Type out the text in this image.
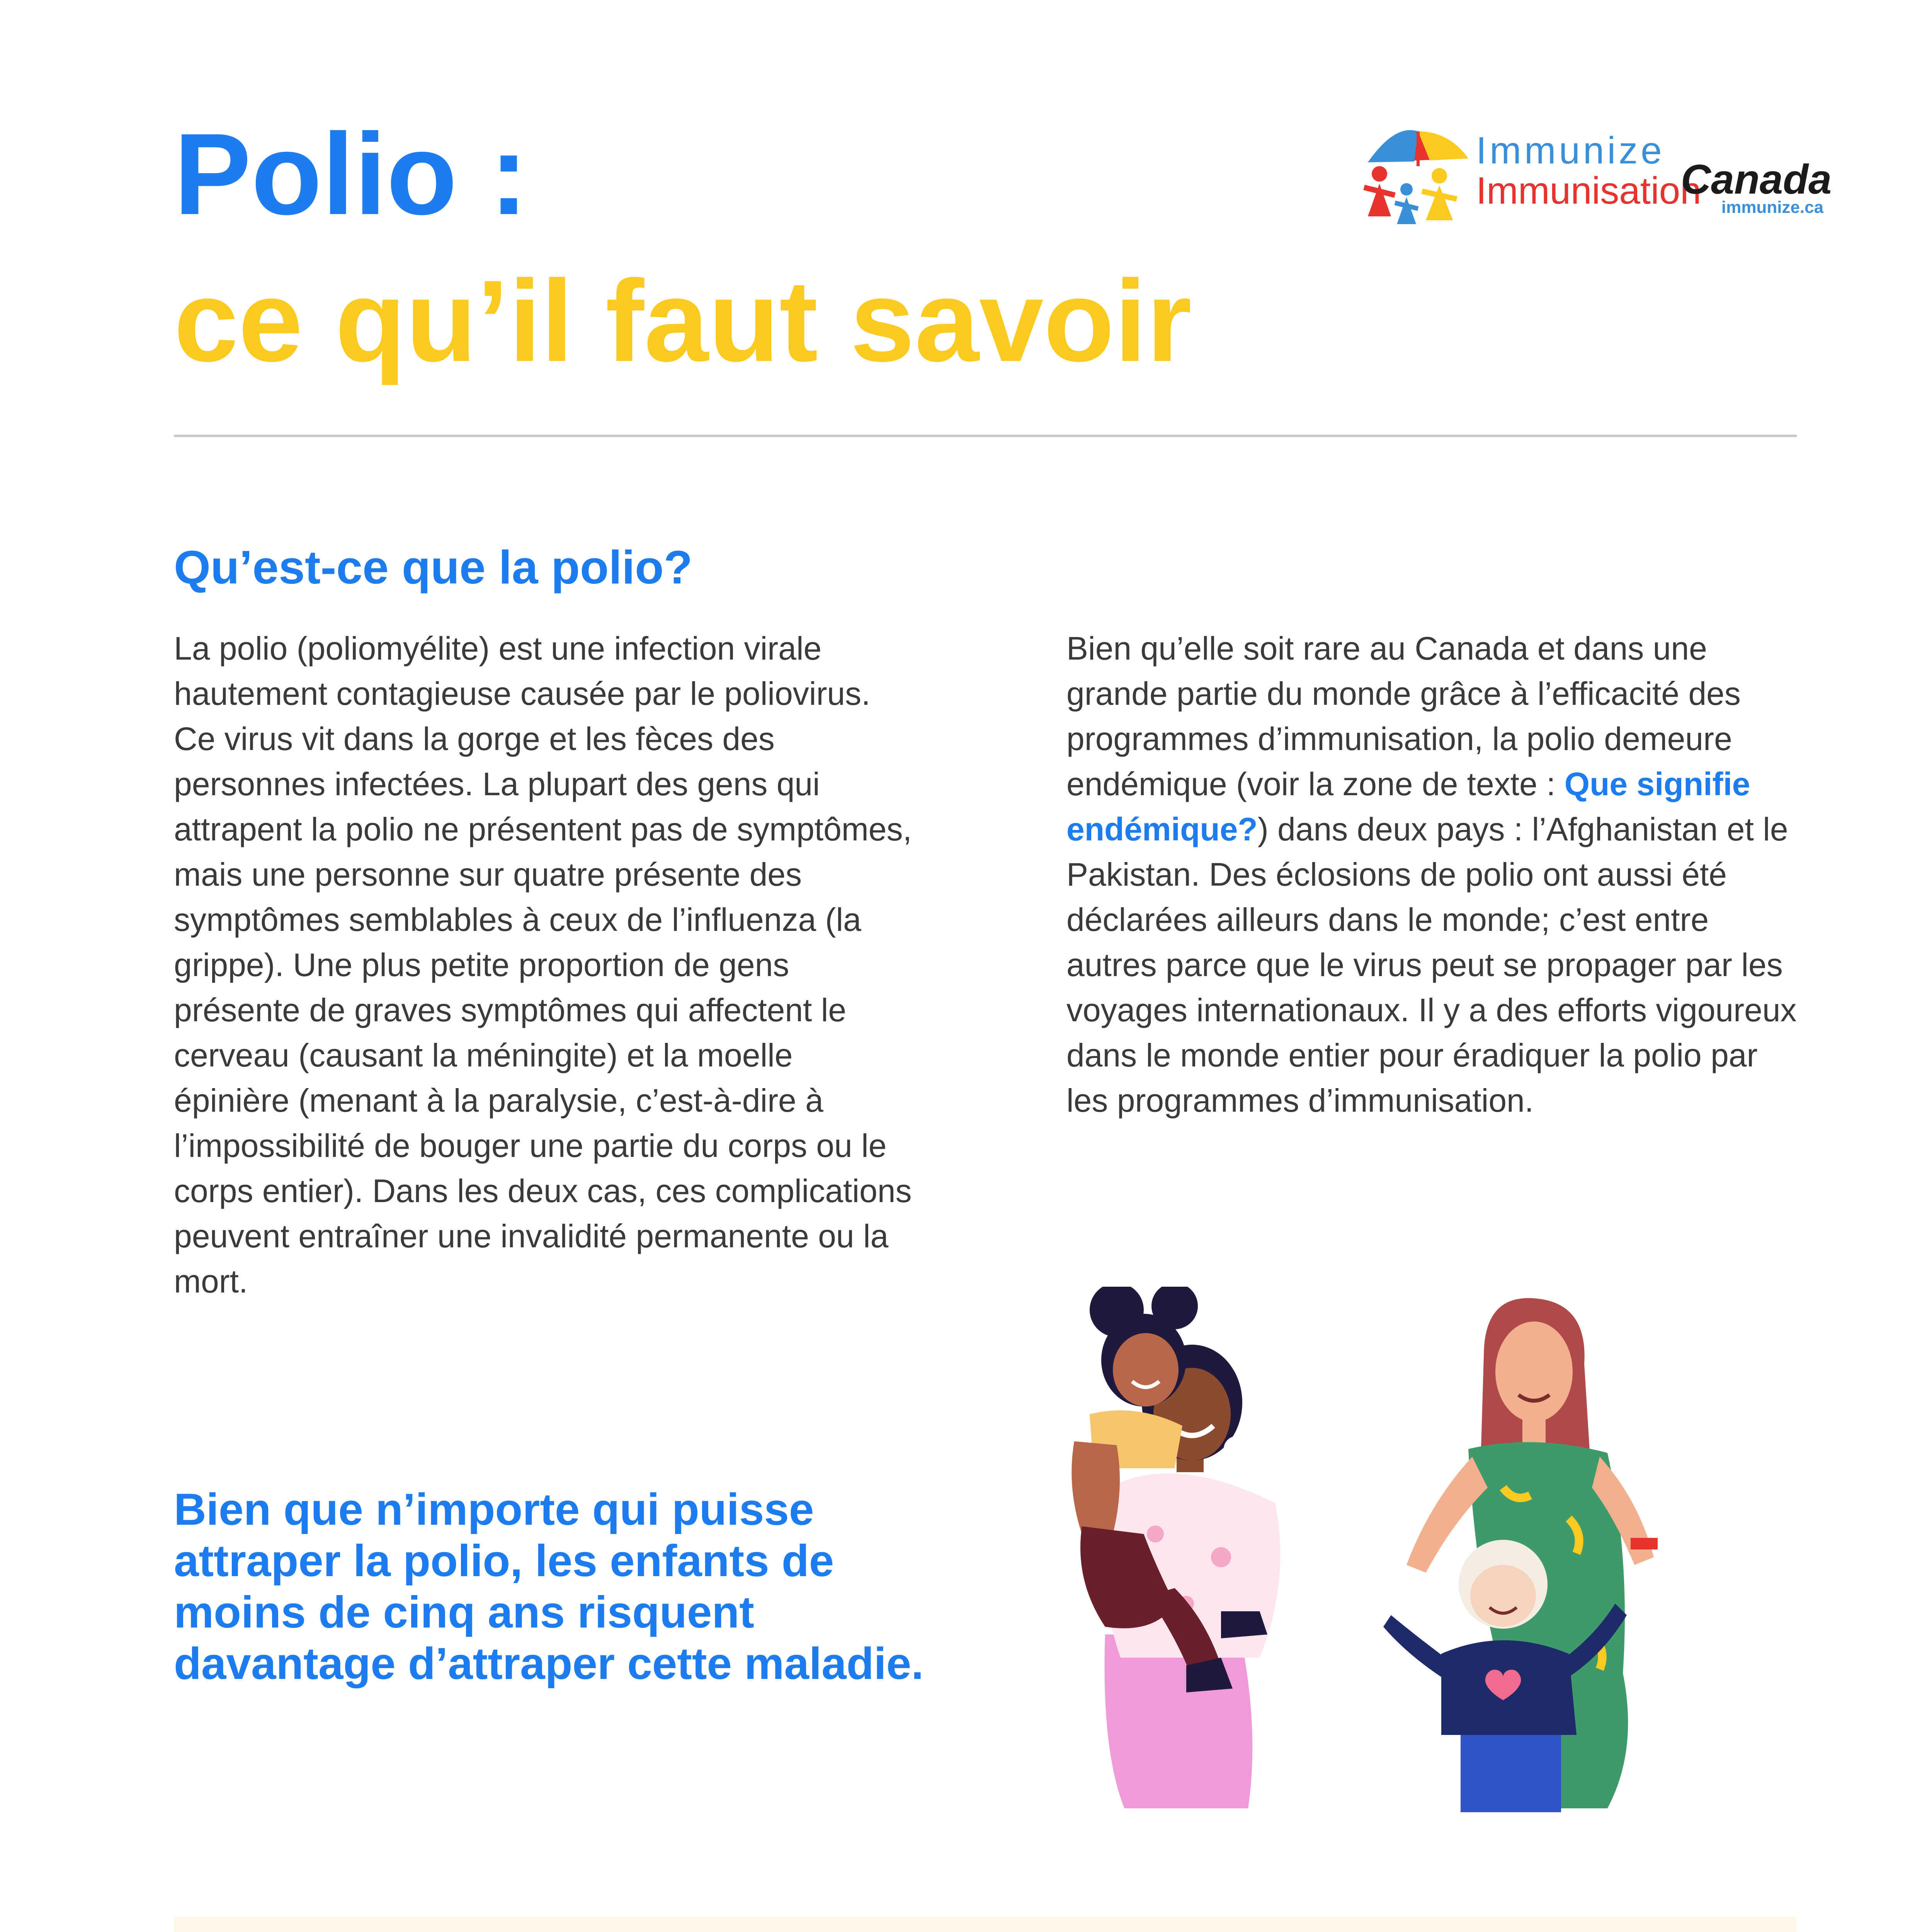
Polio :
ce qu’il faut savoir
Immunize
Immunisation
Canada
immunize.ca
Qu’est-ce que la polio?

La polio (poliomyélite) est une infection virale hautement contagieuse causée par le poliovirus. Ce virus vit dans la gorge et les fèces des personnes infectées. La plupart des gens qui attrapent la polio ne présentent pas de symptômes, mais une personne sur quatre présente des symptômes semblables à ceux de l’influenza (la grippe). Une plus petite proportion de gens présente de graves symptômes qui affectent le cerveau (causant la méningite) et la moelle épinière (menant à la paralysie, c’est-à-dire à l’impossibilité de bouger une partie du corps ou le corps entier). Dans les deux cas, ces complications peuvent entraîner une invalidité permanente ou la mort.

Bien qu’elle soit rare au Canada et dans une grande partie du monde grâce à l’efficacité des programmes d’immunisation, la polio demeure endémique (voir la zone de texte : Que signifie endémique?) dans deux pays : l’Afghanistan et le Pakistan. Des éclosions de polio ont aussi été déclarées ailleurs dans le monde; c’est entre autres parce que le virus peut se propager par les voyages internationaux. Il y a des efforts vigoureux dans le monde entier pour éradiquer la polio par les programmes d’immunisation.

Bien que n’importe qui puisse attraper la polio, les enfants de moins de cinq ans risquent davantage d’attraper cette maladie.
